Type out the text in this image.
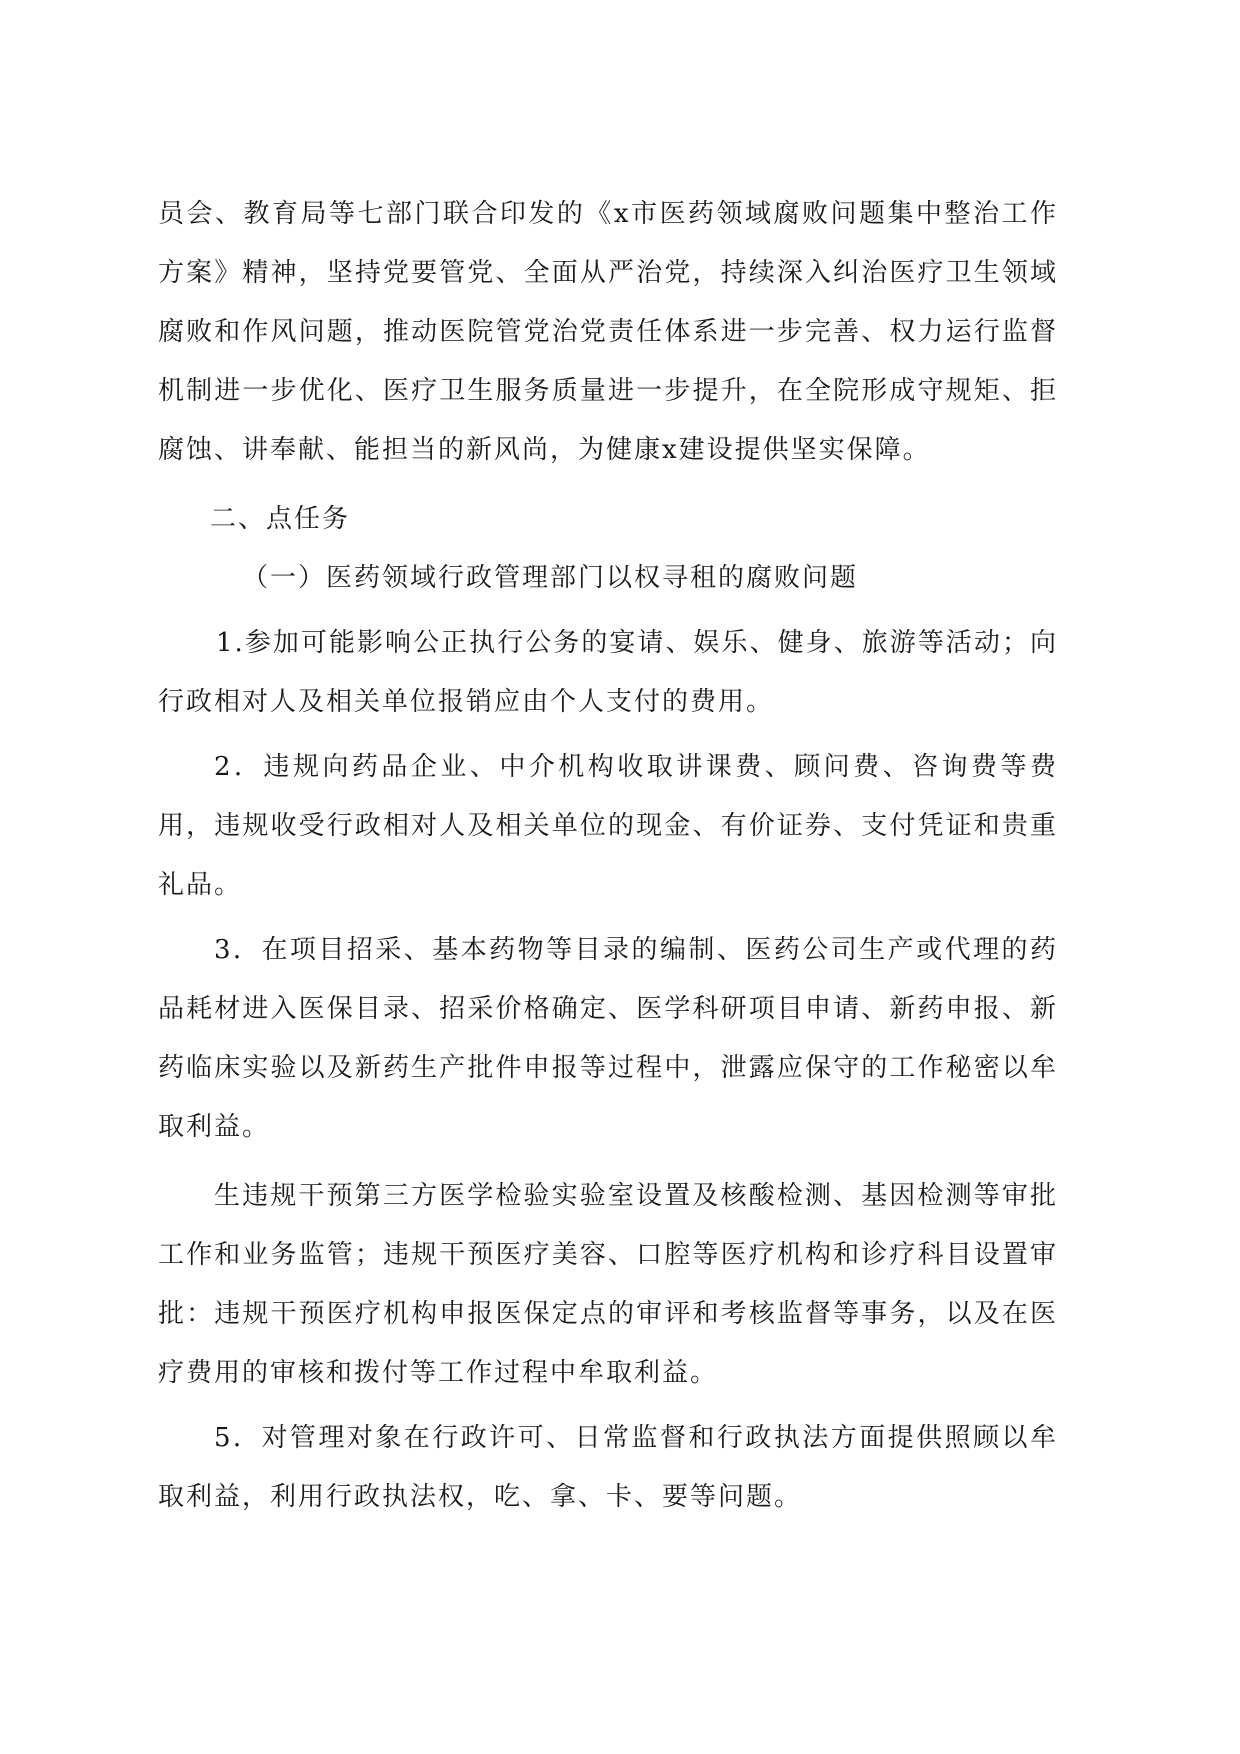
员会、教育局等七部门联合印发的《x市医药领域腐败问题集中整治工作方案》精神，坚持党要管党、全面从严治党，持续深入纠治医疗卫生领域腐败和作风问题，推动医院管党治党责任体系进一步完善、权力运行监督机制进一步优化、医疗卫生服务质量进一步提升，在全院形成守规矩、拒腐蚀、讲奉献、能担当的新风尚，为健康x建设提供坚实保障。

二、点任务

（一）医药领域行政管理部门以权寻租的腐败问题

1.参加可能影响公正执行公务的宴请、娱乐、健身、旅游等活动；向行政相对人及相关单位报销应由个人支付的费用。

2．违规向药品企业、中介机构收取讲课费、顾问费、咨询费等费用，违规收受行政相对人及相关单位的现金、有价证券、支付凭证和贵重礼品。

3．在项目招采、基本药物等目录的编制、医药公司生产或代理的药品耗材进入医保目录、招采价格确定、医学科研项目申请、新药申报、新药临床实验以及新药生产批件申报等过程中，泄露应保守的工作秘密以牟取利益。

生违规干预第三方医学检验实验室设置及核酸检测、基因检测等审批工作和业务监管；违规干预医疗美容、口腔等医疗机构和诊疗科目设置审批：违规干预医疗机构申报医保定点的审评和考核监督等事务，以及在医疗费用的审核和拨付等工作过程中牟取利益。

5．对管理对象在行政许可、日常监督和行政执法方面提供照顾以牟取利益，利用行政执法权，吃、拿、卡、要等问题。
